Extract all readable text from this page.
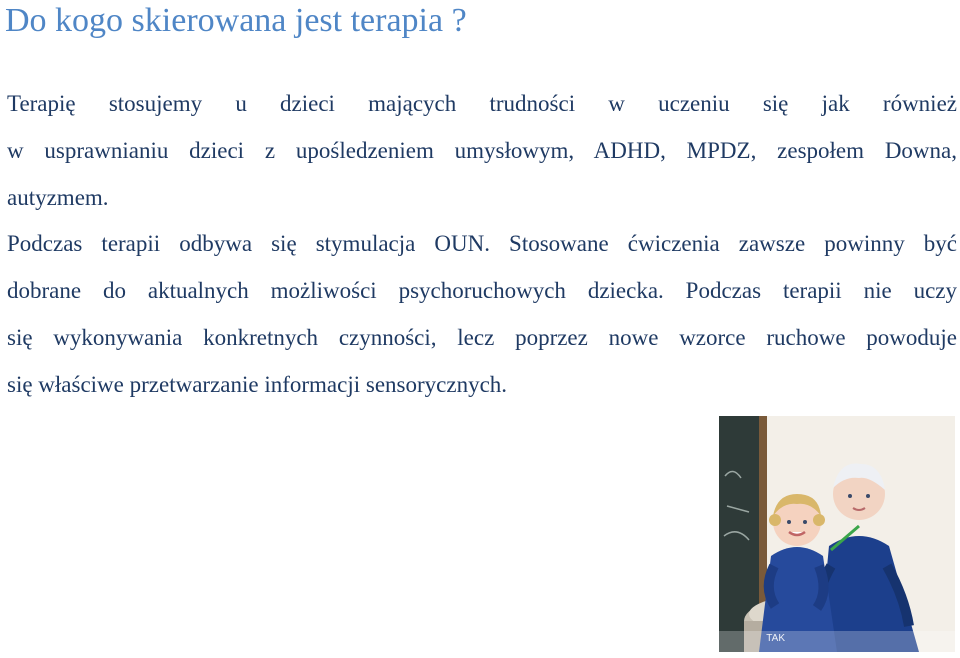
Do kogo skierowana jest terapia ?
Terapię stosujemy u dzieci mających trudności w uczeniu się jak również
w usprawnianiu dzieci z upośledzeniem umysłowym, ADHD, MPDZ, zespołem Downa,
autyzmem.
Podczas terapii odbywa się stymulacja OUN. Stosowane ćwiczenia zawsze powinny być
dobrane do aktualnych możliwości psychoruchowych dziecka. Podczas terapii nie uczy
się wykonywania konkretnych czynności, lecz poprzez nowe wzorce ruchowe powoduje
się właściwe przetwarzanie informacji sensorycznych.
TAK
